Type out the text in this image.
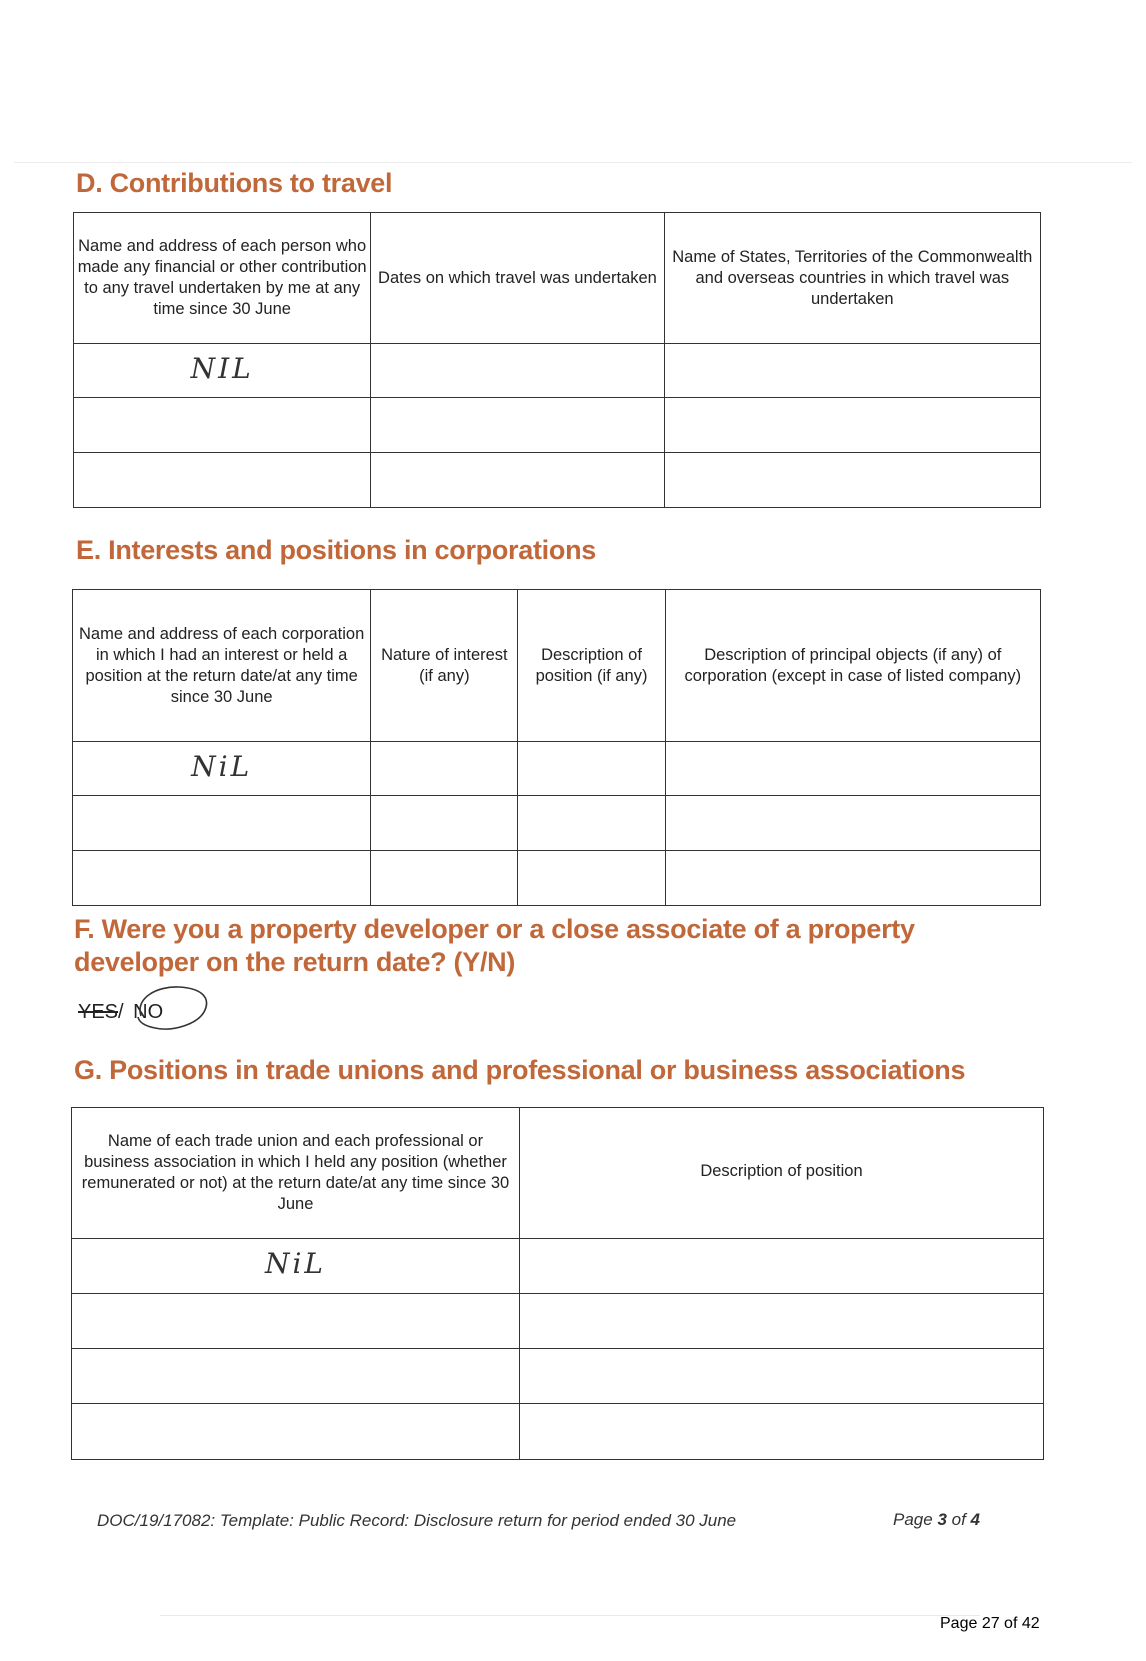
D. Contributions to travel
Name and address of each person who made any financial or other contribution to any travel undertaken by me at any time since 30 June	Dates on which travel was undertaken	Name of States, Territories of the Commonwealth and overseas countries in which travel was undertaken
NIL		

E. Interests and positions in corporations
Name and address of each corporation in which I had an interest or held a position at the return date/at any time since 30 June	Nature of interest (if any)	Description of position (if any)	Description of principal objects (if any) of corporation (except in case of listed company)
NiL			

F. Were you a property developer or a close associate of a property
developer on the return date? (Y/N)
YES/ NO
G. Positions in trade unions and professional or business associations
Name of each trade union and each professional or business association in which I held any position (whether remunerated or not) at the return date/at any time since 30 June	Description of position
NiL	

DOC/19/17082: Template: Public Record: Disclosure return for period ended 30 June	Page 3 of 4
Page 27 of 42
